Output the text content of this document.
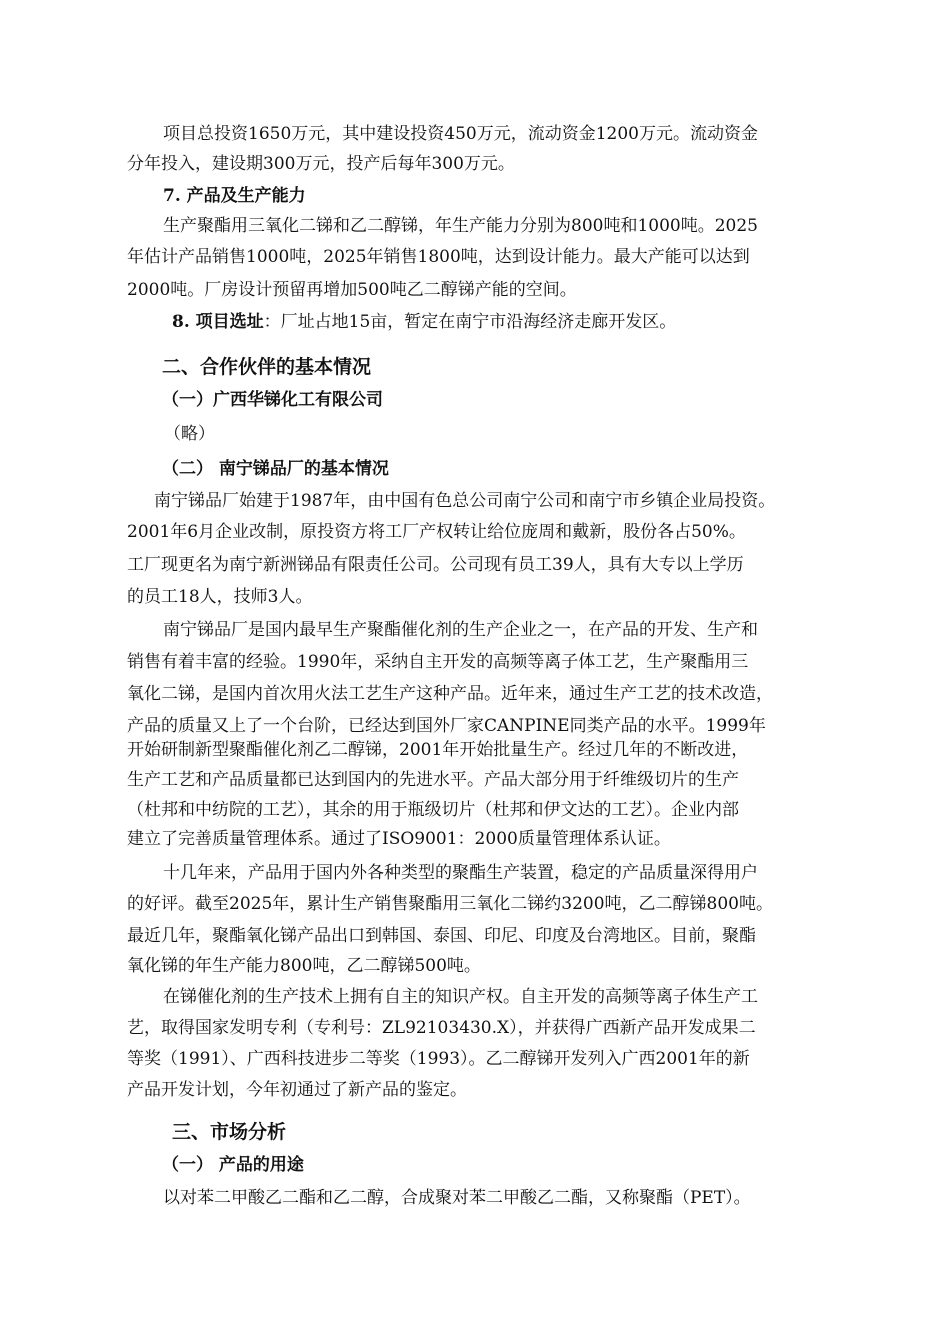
项目总投资1650万元，其中建设投资450万元，流动资金1200万元。流动资金
分年投入，建设期300万元，投产后每年300万元。
7. 产品及生产能力
生产聚酯用三氧化二锑和乙二醇锑，年生产能力分别为800吨和1000吨。2025
年估计产品销售1000吨，2025年销售1800吨，达到设计能力。最大产能可以达到
2000吨。厂房设计预留再增加500吨乙二醇锑产能的空间。
8. 项目选址：厂址占地15亩，暂定在南宁市沿海经济走廊开发区。
二、合作伙伴的基本情况
（一）广西华锑化工有限公司
（略）
（二） 南宁锑品厂的基本情况
南宁锑品厂始建于1987年，由中国有色总公司南宁公司和南宁市乡镇企业局投资。
2001年6月企业改制，原投资方将工厂产权转让给位庞周和戴新，股份各占50%。
工厂现更名为南宁新洲锑品有限责任公司。公司现有员工39人，具有大专以上学历
的员工18人，技师3人。
南宁锑品厂是国内最早生产聚酯催化剂的生产企业之一，在产品的开发、生产和
销售有着丰富的经验。1990年，采纳自主开发的高频等离子体工艺，生产聚酯用三
氧化二锑，是国内首次用火法工艺生产这种产品。近年来，通过生产工艺的技术改造，
产品的质量又上了一个台阶，已经达到国外厂家CANPINE同类产品的水平。1999年
开始研制新型聚酯催化剂乙二醇锑，2001年开始批量生产。经过几年的不断改进，
生产工艺和产品质量都已达到国内的先进水平。产品大部分用于纤维级切片的生产
（杜邦和中纺院的工艺），其余的用于瓶级切片（杜邦和伊文达的工艺）。企业内部
建立了完善质量管理体系。通过了ISO9001：2000质量管理体系认证。
十几年来，产品用于国内外各种类型的聚酯生产装置，稳定的产品质量深得用户
的好评。截至2025年，累计生产销售聚酯用三氧化二锑约3200吨，乙二醇锑800吨。
最近几年，聚酯氧化锑产品出口到韩国、泰国、印尼、印度及台湾地区。目前，聚酯
氧化锑的年生产能力800吨，乙二醇锑500吨。
在锑催化剂的生产技术上拥有自主的知识产权。自主开发的高频等离子体生产工
艺，取得国家发明专利（专利号：ZL92103430.X），并获得广西新产品开发成果二
等奖（1991）、广西科技进步二等奖（1993）。乙二醇锑开发列入广西2001年的新
产品开发计划，今年初通过了新产品的鉴定。
三、市场分析
（一） 产品的用途
以对苯二甲酸乙二酯和乙二醇，合成聚对苯二甲酸乙二酯，又称聚酯（PET）。
